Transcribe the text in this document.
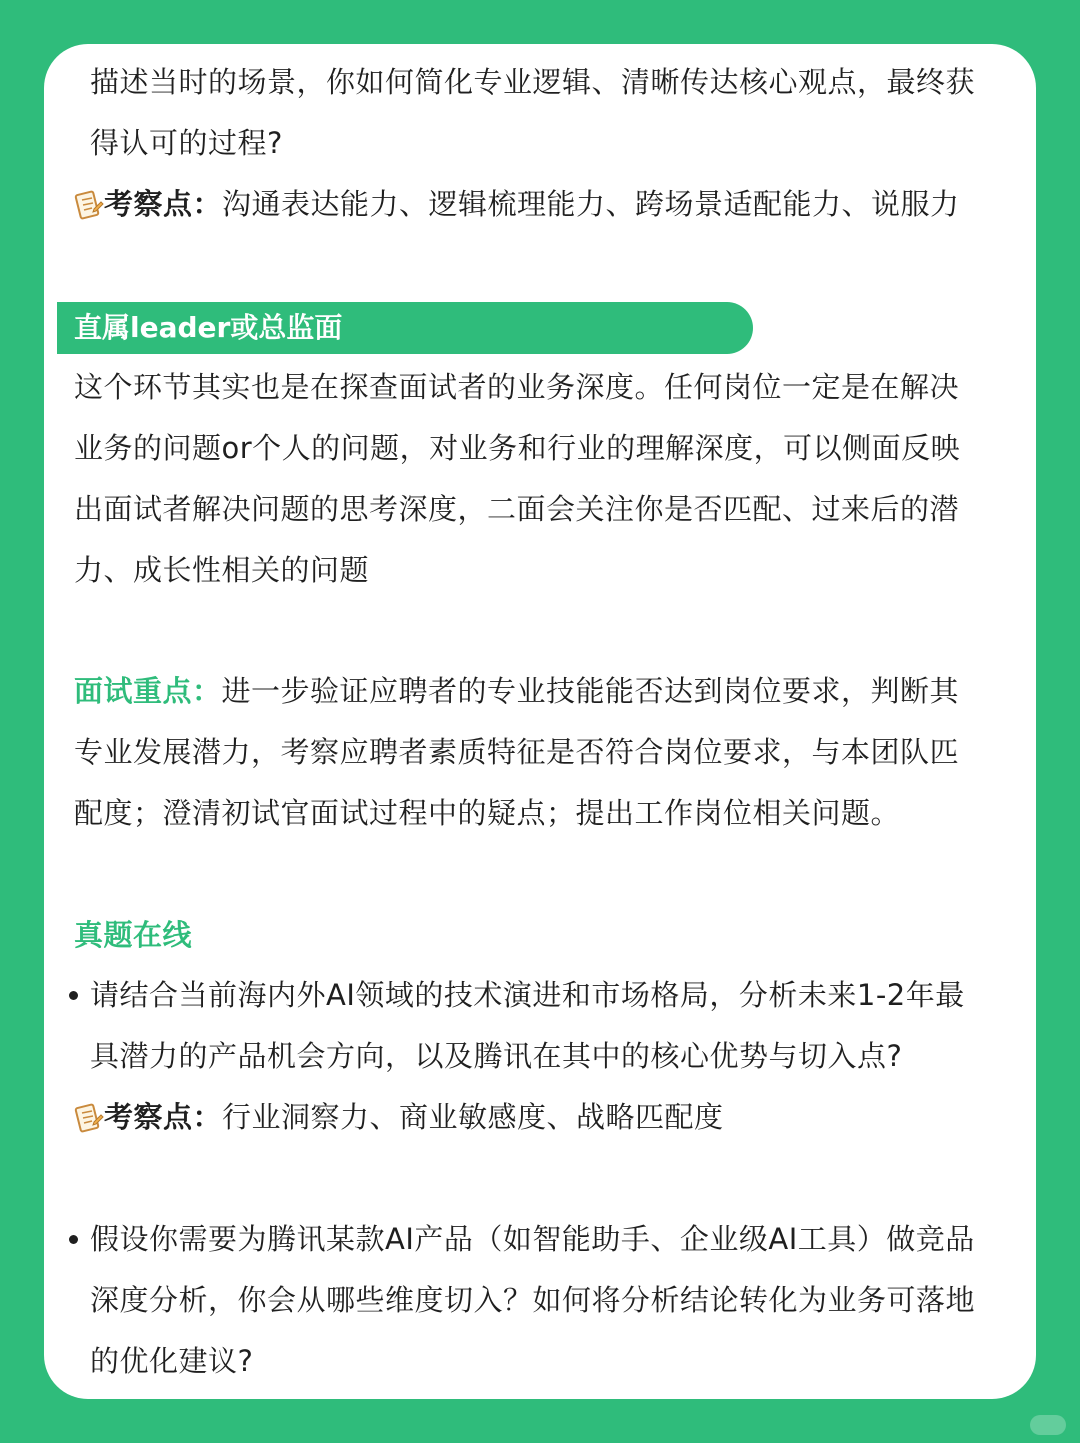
描述当时的场景，你如何简化专业逻辑、清晰传达核心观点，最终获
得认可的过程?
考察点：沟通表达能力、逻辑梳理能力、跨场景适配能力、说服力
直属leader或总监面
这个环节其实也是在探查面试者的业务深度。任何岗位一定是在解决
业务的问题or个人的问题，对业务和行业的理解深度，可以侧面反映
出面试者解决问题的思考深度，二面会关注你是否匹配、过来后的潜
力、成长性相关的问题
面试重点：进一步验证应聘者的专业技能能否达到岗位要求，判断其
专业发展潜力，考察应聘者素质特征是否符合岗位要求，与本团队匹
配度；澄清初试官面试过程中的疑点；提出工作岗位相关问题。
真题在线
请结合当前海内外AI领域的技术演进和市场格局，分析未来1-2年最
具潜力的产品机会方向，以及腾讯在其中的核心优势与切入点?
考察点：行业洞察力、商业敏感度、战略匹配度
假设你需要为腾讯某款AI产品（如智能助手、企业级AI工具）做竞品
深度分析，你会从哪些维度切入？如何将分析结论转化为业务可落地
的优化建议?
